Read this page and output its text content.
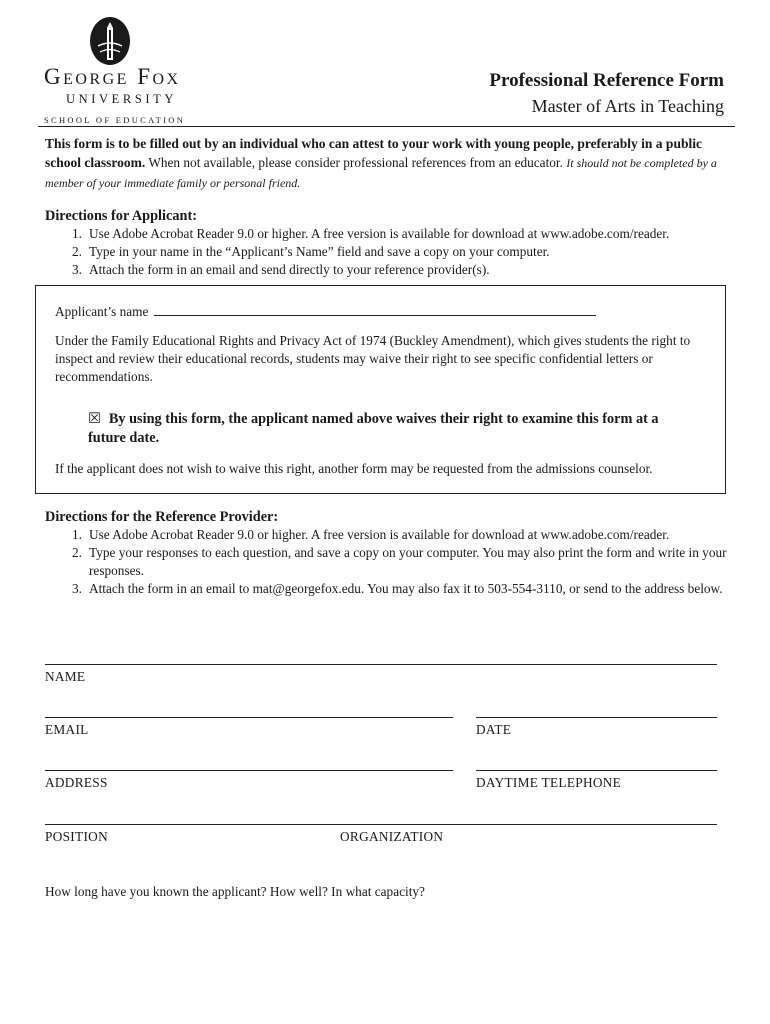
George Fox
UNIVERSITY
SCHOOL OF EDUCATION
Professional Reference Form
Master of Arts in Teaching
This form is to be filled out by an individual who can attest to your work with young people, preferably in a public school classroom. When not available, please consider professional references from an educator. It should not be completed by a member of your immediate family or personal friend.
Directions for Applicant:
1. Use Adobe Acrobat Reader 9.0 or higher. A free version is available for download at www.adobe.com/reader.
2. Type in your name in the “Applicant’s Name” field and save a copy on your computer.
3. Attach the form in an email and send directly to your reference provider(s).
Applicant’s name
Under the Family Educational Rights and Privacy Act of 1974 (Buckley Amendment), which gives students the right to inspect and review their educational records, students may waive their right to see specific confidential letters or recommendations.
☒ By using this form, the applicant named above waives their right to examine this form at a future date.
If the applicant does not wish to waive this right, another form may be requested from the admissions counselor.
Directions for the Reference Provider:
1. Use Adobe Acrobat Reader 9.0 or higher. A free version is available for download at www.adobe.com/reader.
2. Type your responses to each question, and save a copy on your computer. You may also print the form and write in your responses.
3. Attach the form in an email to mat@georgefox.edu. You may also fax it to 503-554-3110, or send to the address below.
NAME
EMAIL	DATE
ADDRESS	DAYTIME TELEPHONE
POSITION	ORGANIZATION
How long have you known the applicant? How well? In what capacity?
